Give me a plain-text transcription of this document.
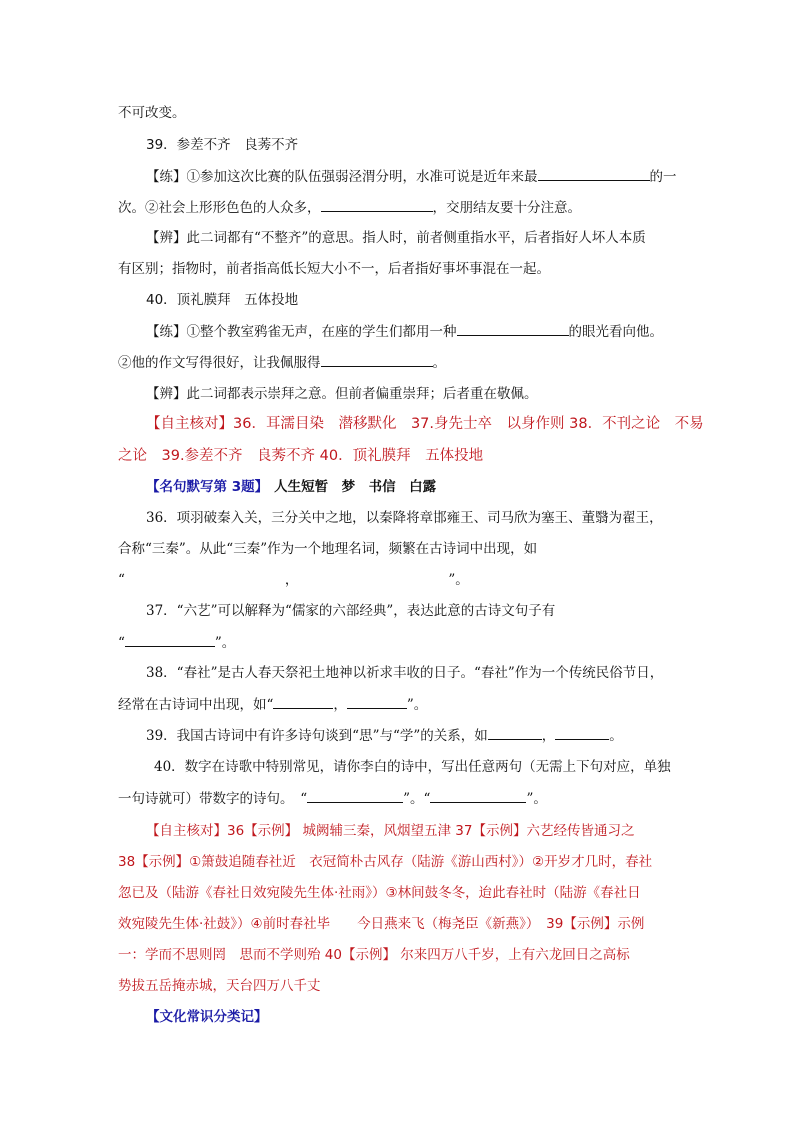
不可改变。
39．参差不齐　良莠不齐
【练】①参加这次比赛的队伍强弱泾渭分明，水准可说是近年来最	的一
次。②社会上形形色色的人众多，	，交朋结友要十分注意。
【辨】此二词都有“不整齐”的意思。指人时，前者侧重指水平，后者指好人坏人本质
有区别；指物时，前者指高低长短大小不一，后者指好事坏事混在一起。
40．顶礼膜拜　五体投地
【练】①整个教室鸦雀无声，在座的学生们都用一种	的眼光看向他。
②他的作文写得很好，让我佩服得	。
【辨】此二词都表示崇拜之意。但前者偏重崇拜；后者重在敬佩。
【自主核对】36．耳濡目染　潜移默化　37.身先士卒　以身作则 38．不刊之论　不易
之论　39.参差不齐　良莠不齐 40．顶礼膜拜　五体投地
【名句默写第 3题】 人生短暂　梦　书信　白露
36．项羽破秦入关，三分关中之地，以秦降将章邯雍王、司马欣为塞王、董翳为翟王，
合称“三秦”。从此“三秦”作为一个地理名词，频繁在古诗词中出现，如
“	，	”。
37．“六艺”可以解释为“儒家的六部经典”，表达此意的古诗文句子有
“	”。
38．“春社”是古人春天祭祀土地神以祈求丰收的日子。“春社”作为一个传统民俗节日，
经常在古诗词中出现，如“	，	”。
39．我国古诗词中有许多诗句谈到“思”与“学”的关系，如	，	。
40．数字在诗歌中特别常见，请你李白的诗中，写出任意两句（无需上下句对应，单独
一句诗就可）带数字的诗句。　“	”。“	”。
【自主核对】36【示例】 城阙辅三秦，风烟望五津 37【示例】六艺经传皆通习之
38【示例】①箫鼓追随春社近　衣冠简朴古风存（陆游《游山西村》）②开岁才几时，春社
忽已及（陆游《春社日效宛陵先生体·社雨》）③林间鼓冬冬，迨此春社时（陆游《春社日
效宛陵先生体·社鼓》）④前时春社毕　　今日燕来飞（梅尧臣《新燕》）　39【示例】示例
一：学而不思则罔　思而不学则殆 40【示例】 尔来四万八千岁，上有六龙回日之高标
势拔五岳掩赤城，天台四万八千丈
【文化常识分类记】
